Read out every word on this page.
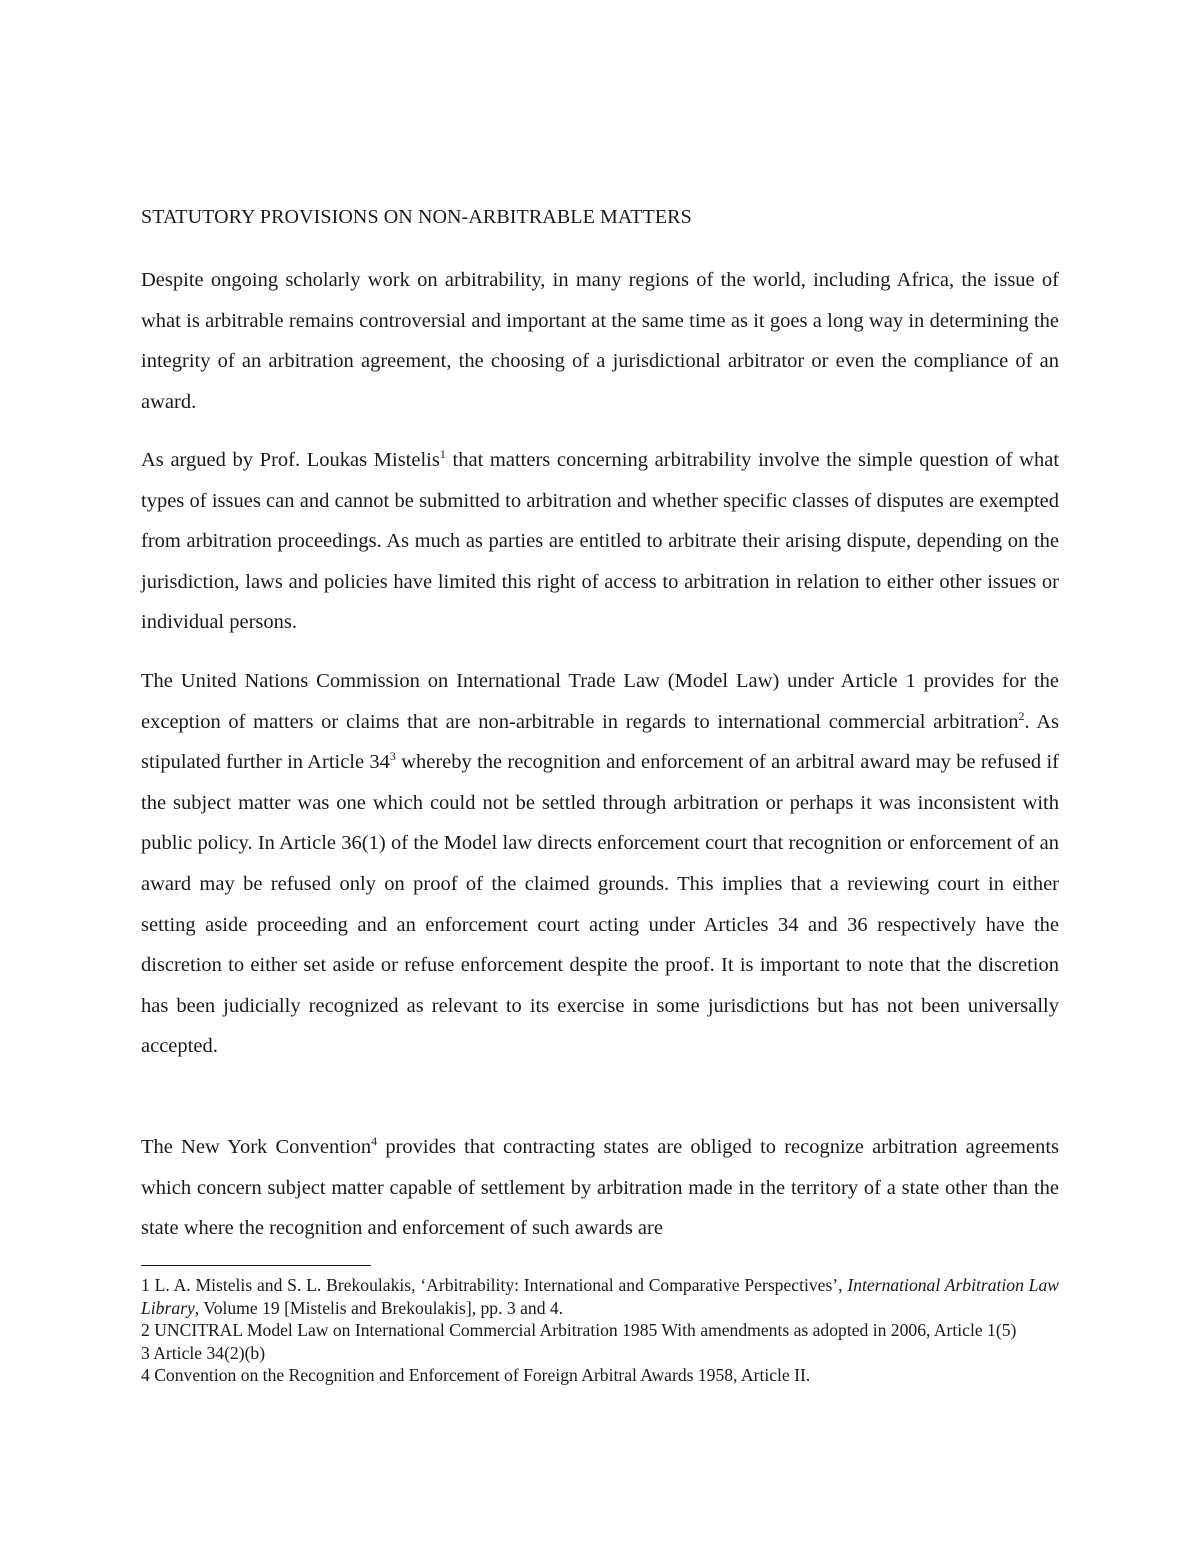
STATUTORY PROVISIONS ON NON-ARBITRABLE MATTERS

Despite ongoing scholarly work on arbitrability, in many regions of the world, including Africa, the issue of what is arbitrable remains controversial and important at the same time as it goes a long way in determining the integrity of an arbitration agreement, the choosing of a jurisdictional arbitrator or even the compliance of an award.

As argued by Prof. Loukas Mistelis$^1$ that matters concerning arbitrability involve the simple question of what types of issues can and cannot be submitted to arbitration and whether specific classes of disputes are exempted from arbitration proceedings. As much as parties are entitled to arbitrate their arising dispute, depending on the jurisdiction, laws and policies have limited this right of access to arbitration in relation to either other issues or individual persons.

The United Nations Commission on International Trade Law (Model Law) under Article 1 provides for the exception of matters or claims that are non-arbitrable in regards to international commercial arbitration$^2$. As stipulated further in Article $34^3$ whereby the recognition and enforcement of an arbitral award may be refused if the subject matter was one which could not be settled through arbitration or perhaps it was inconsistent with public policy. In Article 36(1) of the Model law directs enforcement court that recognition or enforcement of an award may be refused only on proof of the claimed grounds. This implies that a reviewing court in either setting aside proceeding and an enforcement court acting under Articles 34 and 36 respectively have the discretion to either set aside or refuse enforcement despite the proof. It is important to note that the discretion has been judicially recognized as relevant to its exercise in some jurisdictions but has not been universally accepted.

The New York Convention$^4$ provides that contracting states are obliged to recognize arbitration agreements which concern subject matter capable of settlement by arbitration made in the territory of a state other than the state where the recognition and enforcement of such awards are

1 L. A. Mistelis and S. L. Brekoulakis, ‘Arbitrability: International and Comparative Perspectives’, International Arbitration Law Library, Volume 19 [Mistelis and Brekoulakis], pp. 3 and 4.

2 UNCITRAL Model Law on International Commercial Arbitration 1985 With amendments as adopted in 2006, Article 1(5)

3 Article 34(2)(b)

4 Convention on the Recognition and Enforcement of Foreign Arbitral Awards 1958, Article II.
